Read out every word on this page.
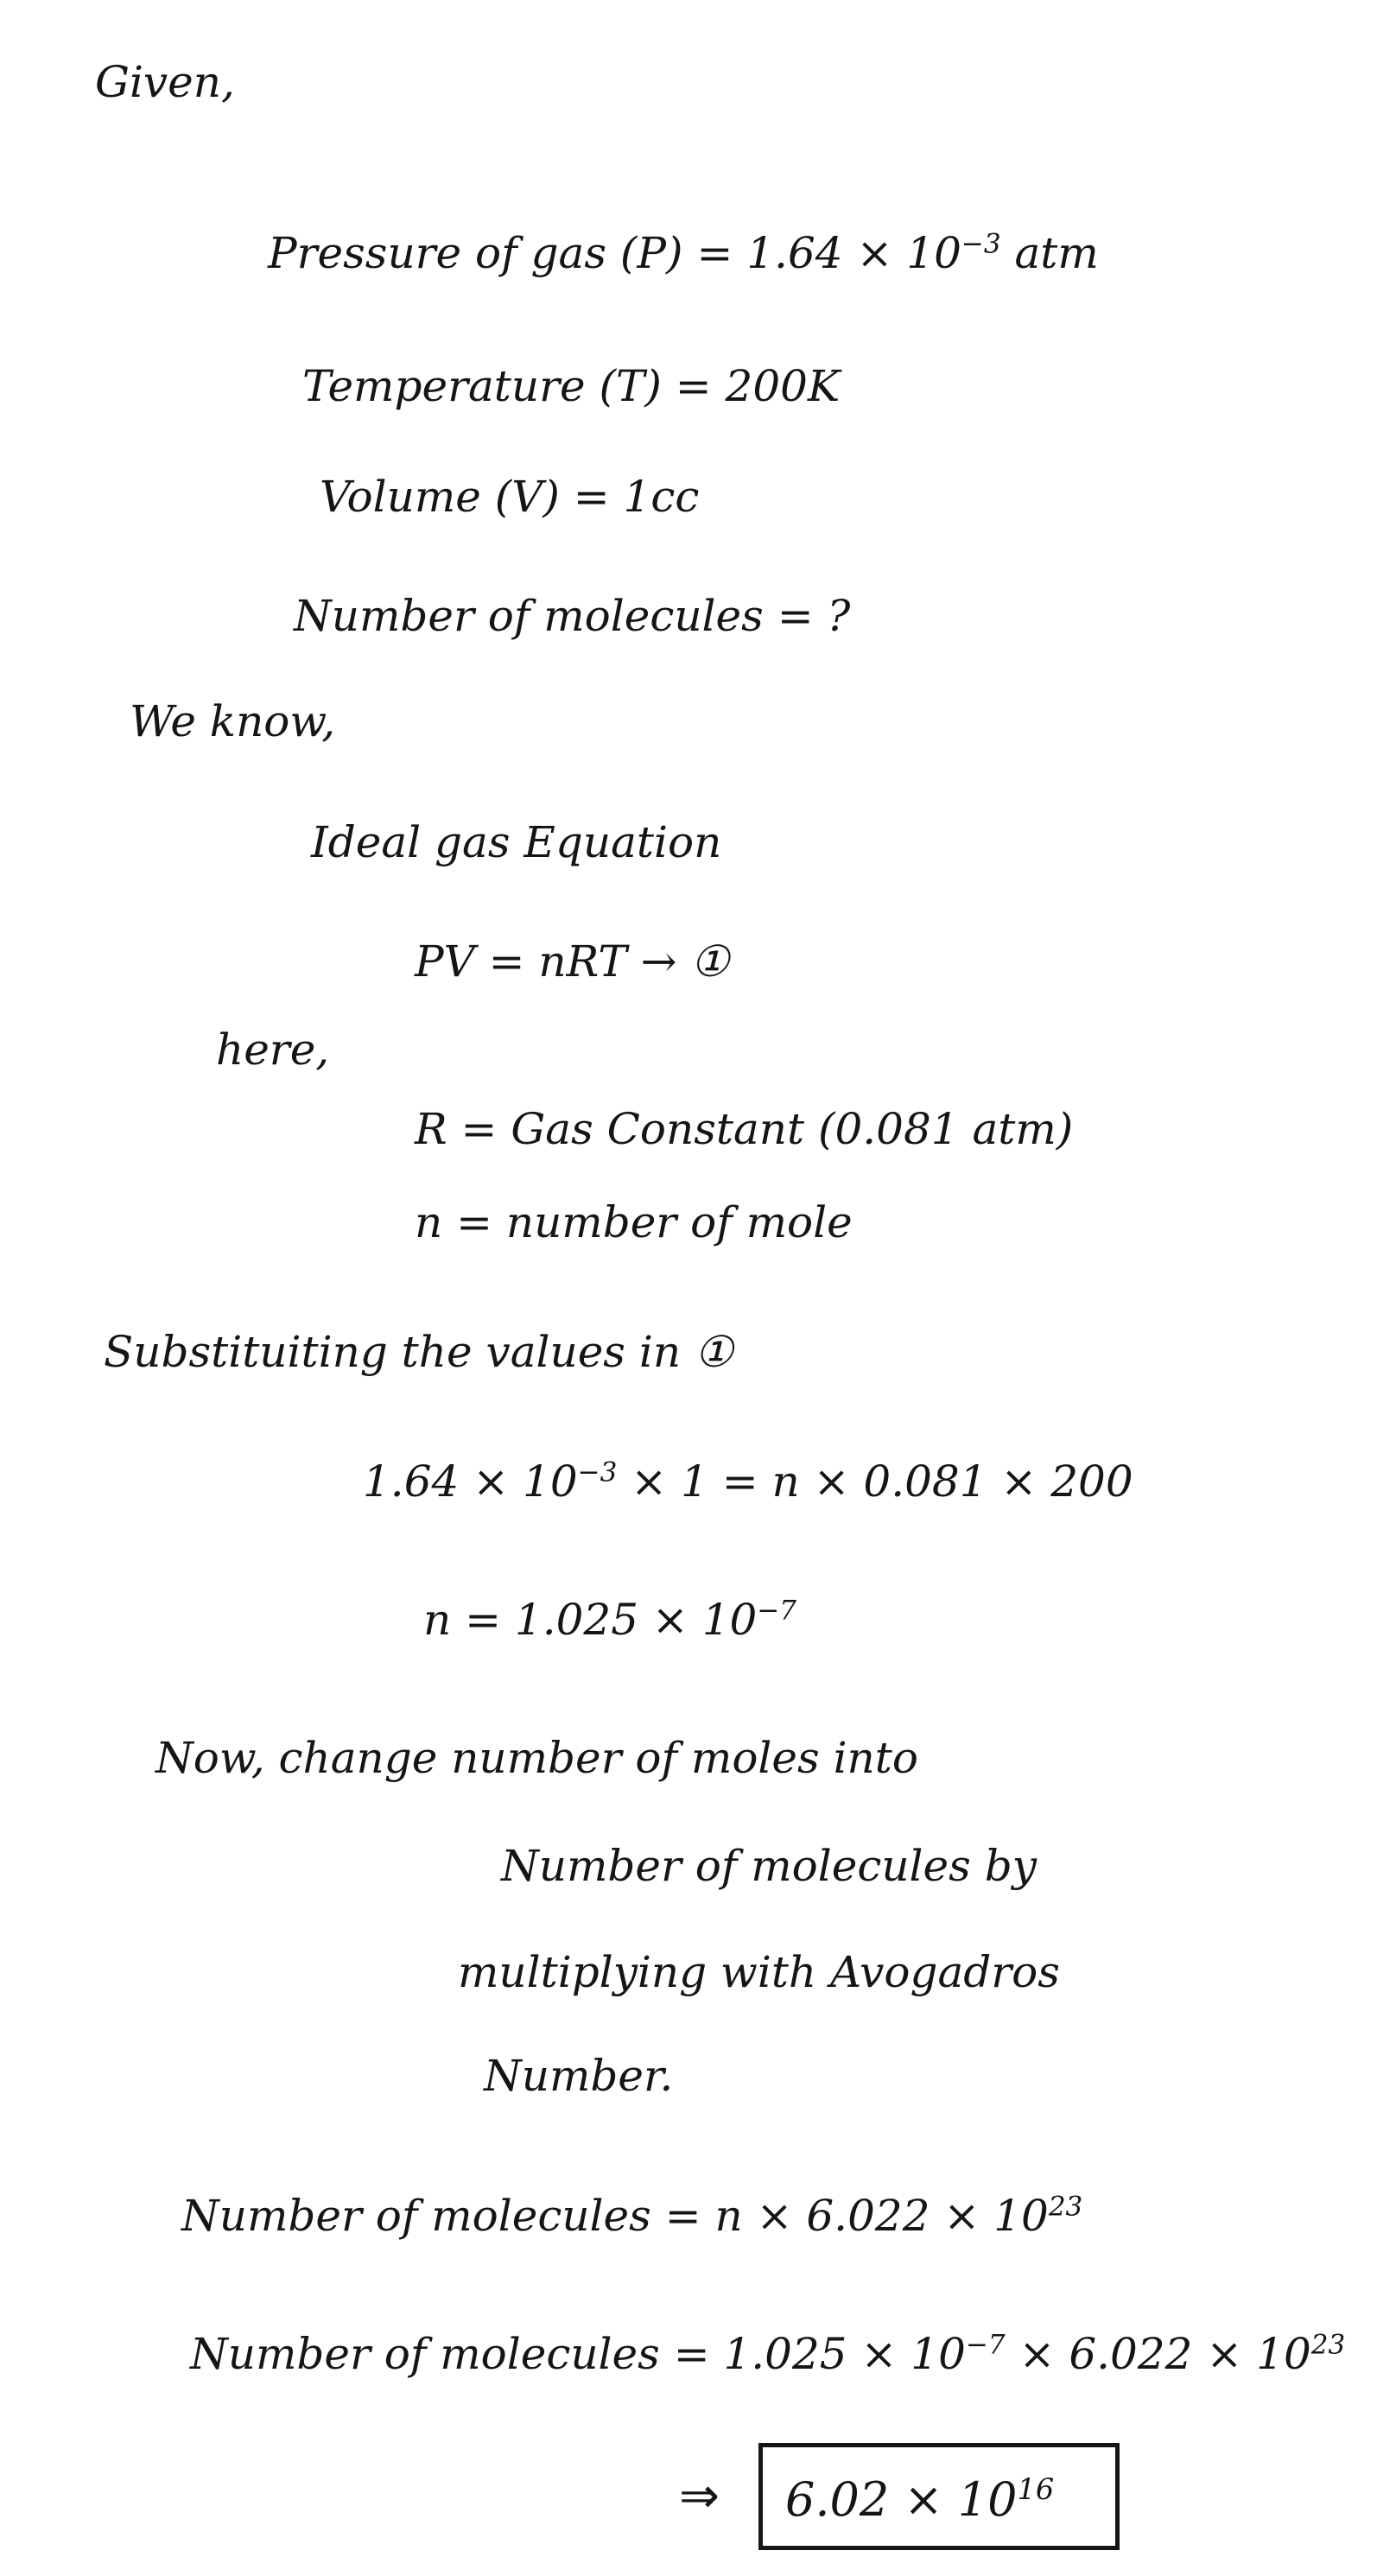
Given,
Pressure of gas $(P) = 1.64 \times 10^{-3}$ atm
Temperature (T) = 200K
Volume (V) = 1cc
Number of molecules = ?
We know,
Ideal gas Equation
PV = nRT → ①
here,
R = Gas Constant (0.081 atm)
n = number of mole
Substituiting the values in ①
$1.64 \times 10^{-3} \times 1 = n \times 0.081 \times 200$
$n = 1.025 \times 10^{-7}$
Now, change number of moles into
Number of molecules by
multiplying with Avogadros
Number.
Number of molecules = $n \times 6.022 \times 10^{23}$
Number of molecules = $1.025 \times 10^{-7} \times 6.022 \times 10^{23}$
⇒ $6.02 \times 10^{16}$
